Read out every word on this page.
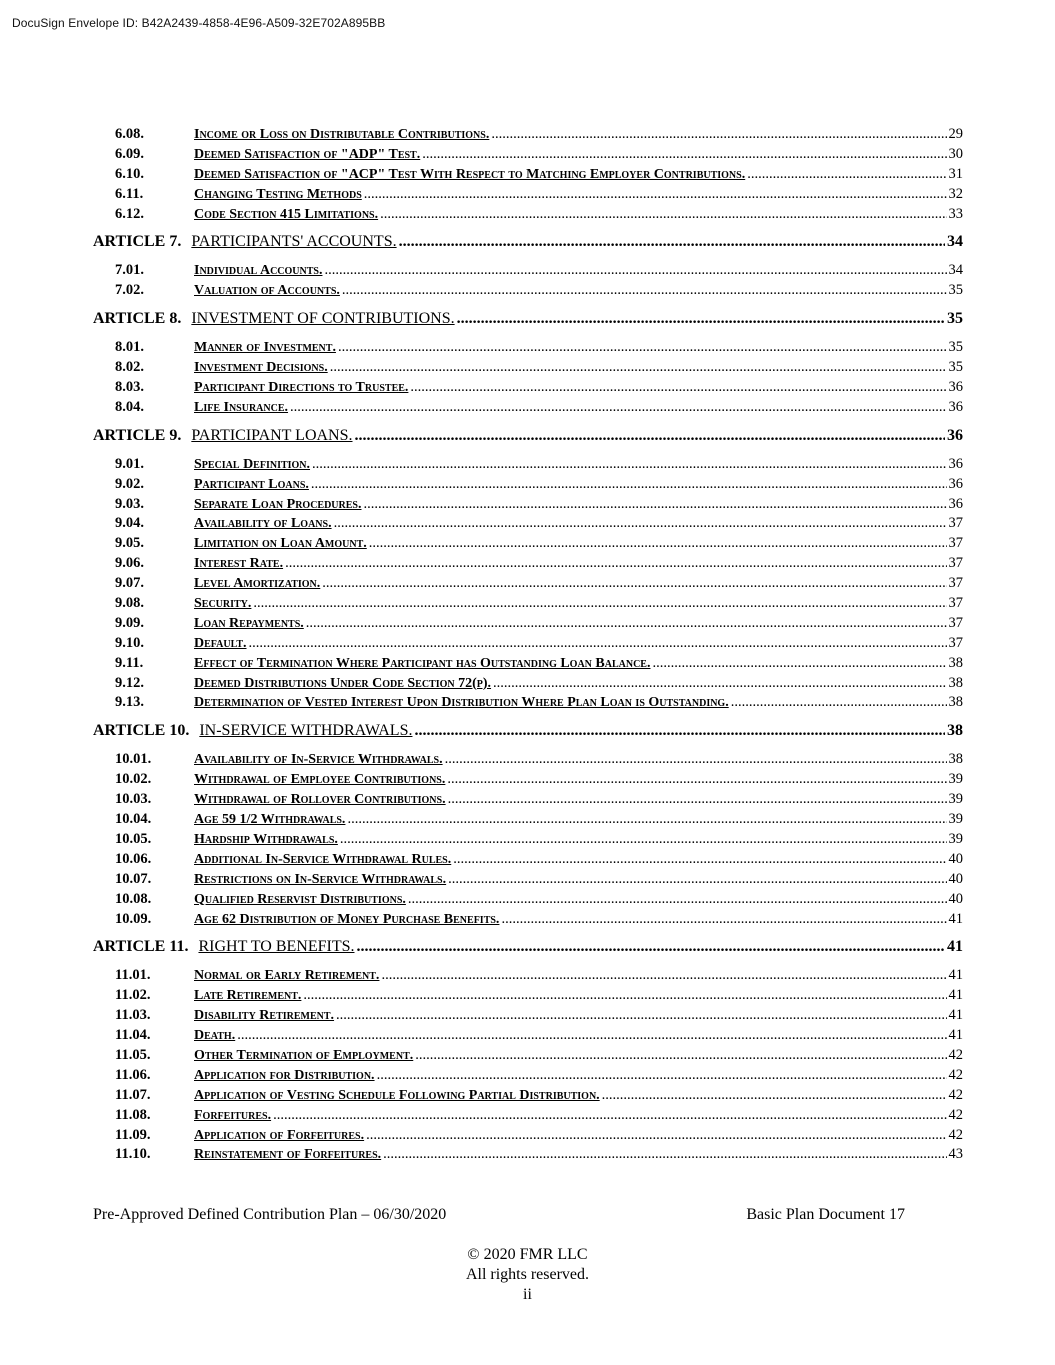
DocuSign Envelope ID: B42A2439-4858-4E96-A509-32E702A895BB
6.08.	Income or Loss on Distributable Contributions. .....	29
6.09.	Deemed Satisfaction of "ADP" Test. .....	30
6.10.	Deemed Satisfaction of "ACP" Test With Respect to Matching Employer Contributions. .....	31
6.11.	Changing Testing Methods .....	32
6.12.	Code Section 415 Limitations. .....	33
ARTICLE 7. PARTICIPANTS' ACCOUNTS. .....	34
7.01.	Individual Accounts. .....	34
7.02.	Valuation of Accounts. .....	35
ARTICLE 8. INVESTMENT OF CONTRIBUTIONS. .....	35
8.01.	Manner of Investment. .....	35
8.02.	Investment Decisions. .....	35
8.03.	Participant Directions to Trustee. .....	36
8.04.	Life Insurance. .....	36
ARTICLE 9. PARTICIPANT LOANS. .....	36
9.01.	Special Definition. .....	36
9.02.	Participant Loans. .....	36
9.03.	Separate Loan Procedures. .....	36
9.04.	Availability of Loans. .....	37
9.05.	Limitation on Loan Amount. .....	37
9.06.	Interest Rate. .....	37
9.07.	Level Amortization. .....	37
9.08.	Security. .....	37
9.09.	Loan Repayments. .....	37
9.10.	Default. .....	37
9.11.	Effect of Termination Where Participant has Outstanding Loan Balance. .....	38
9.12.	Deemed Distributions Under Code Section 72(p). .....	38
9.13.	Determination of Vested Interest Upon Distribution Where Plan Loan is Outstanding. .....	38
ARTICLE 10. IN-SERVICE WITHDRAWALS. .....	38
10.01.	Availability of In-Service Withdrawals. .....	38
10.02.	Withdrawal of Employee Contributions. .....	39
10.03.	Withdrawal of Rollover Contributions. .....	39
10.04.	Age 59 1/2 Withdrawals. .....	39
10.05.	Hardship Withdrawals. .....	39
10.06.	Additional In-Service Withdrawal Rules. .....	40
10.07.	Restrictions on In-Service Withdrawals. .....	40
10.08.	Qualified Reservist Distributions. .....	40
10.09.	Age 62 Distribution of Money Purchase Benefits. .....	41
ARTICLE 11. RIGHT TO BENEFITS. .....	41
11.01.	Normal or Early Retirement. .....	41
11.02.	Late Retirement. .....	41
11.03.	Disability Retirement. .....	41
11.04.	Death. .....	41
11.05.	Other Termination of Employment. .....	42
11.06.	Application for Distribution. .....	42
11.07.	Application of Vesting Schedule Following Partial Distribution. .....	42
11.08.	Forfeitures. .....	42
11.09.	Application of Forfeitures. .....	42
11.10.	Reinstatement of Forfeitures. .....	43
Pre-Approved Defined Contribution Plan – 06/30/2020	Basic Plan Document 17
© 2020 FMR LLC
All rights reserved.
ii
